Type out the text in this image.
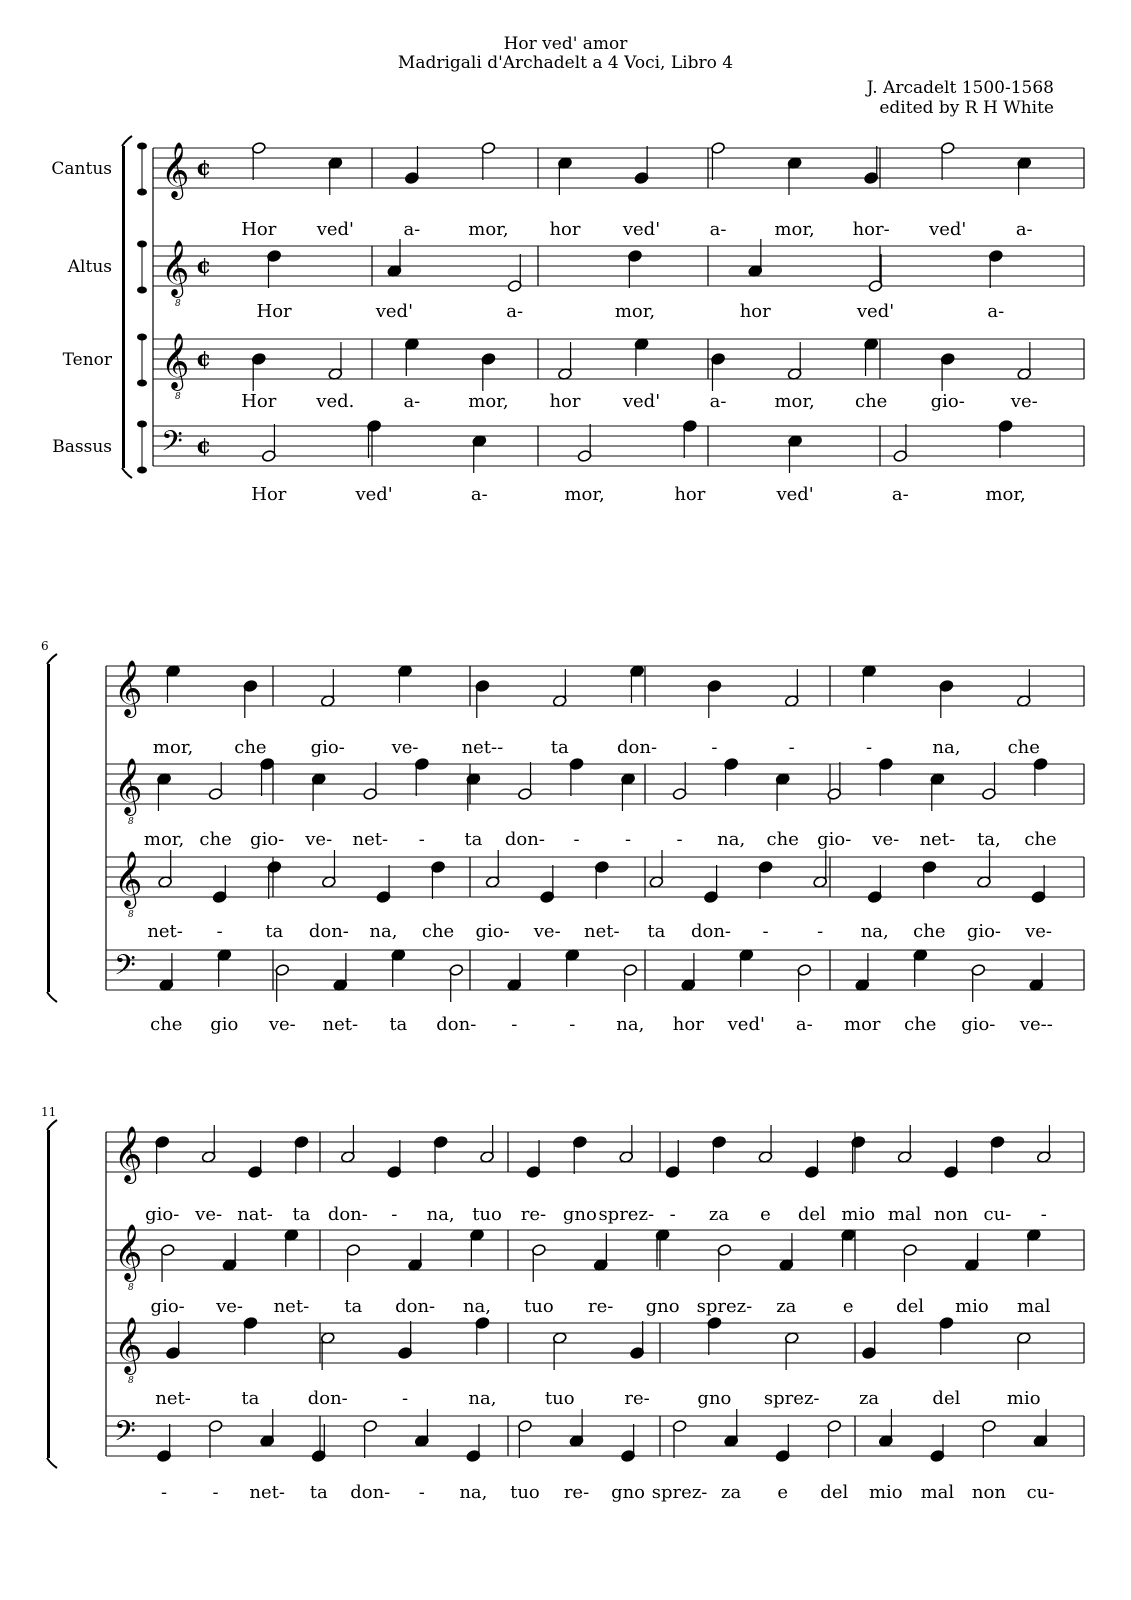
Hor ved' amor
Madrigali d'Archadelt a 4 Voci, Libro 4
J. Arcadelt 1500-1568
edited by R H White
Cantus
Altus
Tenor
Bassus
𝄞 ¢
𝄞
8
¢
𝄞
8
¢
𝄢 ¢
Hor ved'	a-	mor, hor ved'	a-	mor, hor- ved'	a-
Hor	ved'	a-	mor,	hor	ved'	a-
Hor ved.	a-	mor, hor ved'	a-	mor, che gio-	ve-
Hor	ved'	a-	mor,	hor	ved'	a-	mor,
6
𝄞
𝄞
8
𝄞
8
𝄢
mor, che gio-	ve- net--	ta	don-	-	-	-	na,	che
mor, che gio- ve- net- - ta don- -	-	- na, che gio- ve- net- ta, che
net- - ta don- na, che gio- ve- net- ta don- -	- na, che gio- ve-
che gio ve- net- ta don- -	- na, hor ved' a- mor che gio- ve--
11
𝄞
𝄞
8
𝄞
8
𝄢
gio- ve- nat- ta don- - na, tuo re- gno sprez- - za e del mio mal non cu- -
gio- ve- net- ta don- na, tuo re- gno sprez- za	e del mio mal
net-	ta	don-	-	na,	tuo	re-	gno sprez- za	del	mio
-	- net- ta don- - na, tuo re- gno sprez- za e del mio mal non cu-
